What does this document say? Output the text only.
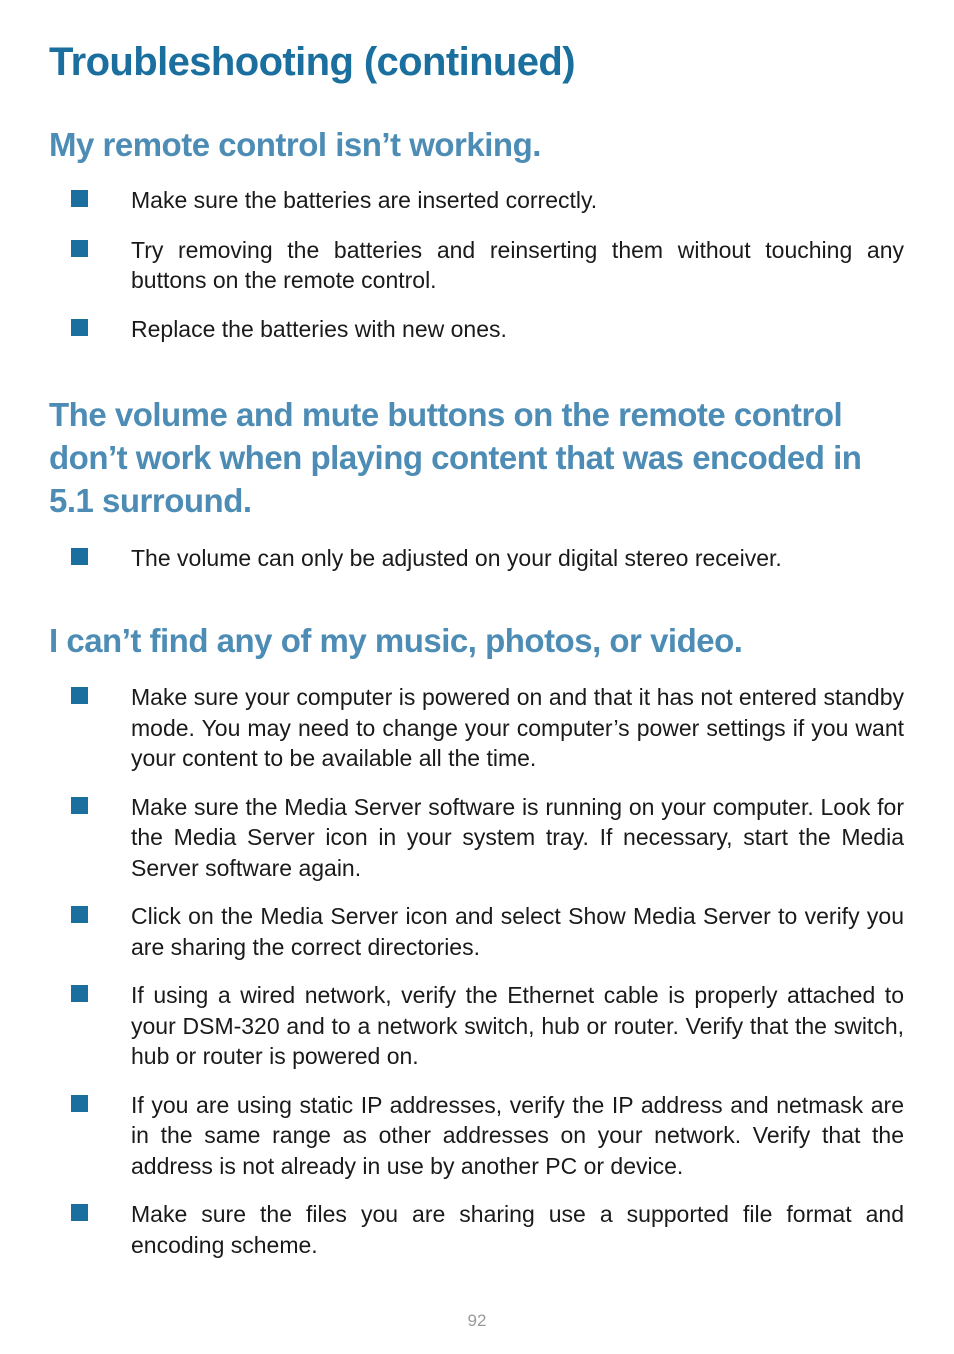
Troubleshooting (continued)
My remote control isn’t working.
Make sure the batteries are inserted correctly.
Try removing the batteries and reinserting them without touching any buttons on the remote control.
Replace the batteries with new ones.
The volume and mute buttons on the remote control don’t work when playing content that was encoded in 5.1 surround.
The volume can only be adjusted on your digital stereo receiver.
I can’t find any of my music, photos, or video.
Make sure your computer is powered on and that it has not entered standby mode. You may need to change your computer’s power settings if you want your content to be available all the time.
Make sure the Media Server software is running on your computer. Look for the Media Server icon in your system tray. If necessary, start the Media Server software again.
Click on the Media Server icon and select Show Media Server to verify you are sharing the correct directories.
If using a wired network, verify the Ethernet cable is properly attached to your DSM-320 and to a network switch, hub or router. Verify that the switch, hub or router is powered on.
If you are using static IP addresses, verify the IP address and netmask are in the same range as other addresses on your network. Verify that the address is not already in use by another PC or device.
Make sure the files you are sharing use a supported file format and encoding scheme.
92
